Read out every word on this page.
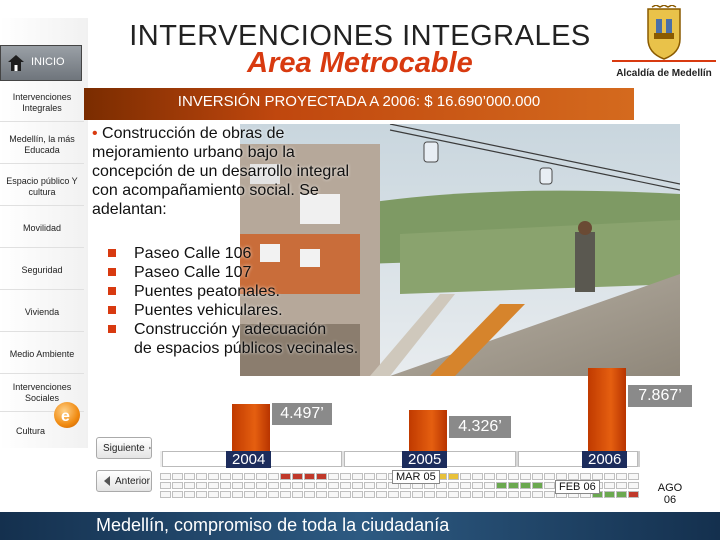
INTERVENCIONES INTEGRALES
Area Metrocable	Alcaldía de Medellín
INICIO
Intervenciones Integrales
Medellín, la más Educada
Espacio público Y cultura
Movilidad
Seguridad
Vivienda
Medio Ambiente
Intervenciones Sociales
Cultura
e
INVERSIÓN PROYECTADA A 2006: $ 16.690’000.000
• Construcción de obras de mejoramiento urbano bajo la concepción de un desarrollo integral con acompañamiento social. Se adelantan:
Paseo Calle 106
Paseo Calle 107
Puentes peatonales.
Puentes vehiculares.
Construcción y adecuación
de espacios públicos vecinales.
4.497’
4.326’
7.867’
2004	2005	2006
MAR 05
FEB 06	AGO 06
Siguiente
Anterior
Medellín, compromiso de toda la ciudadanía
